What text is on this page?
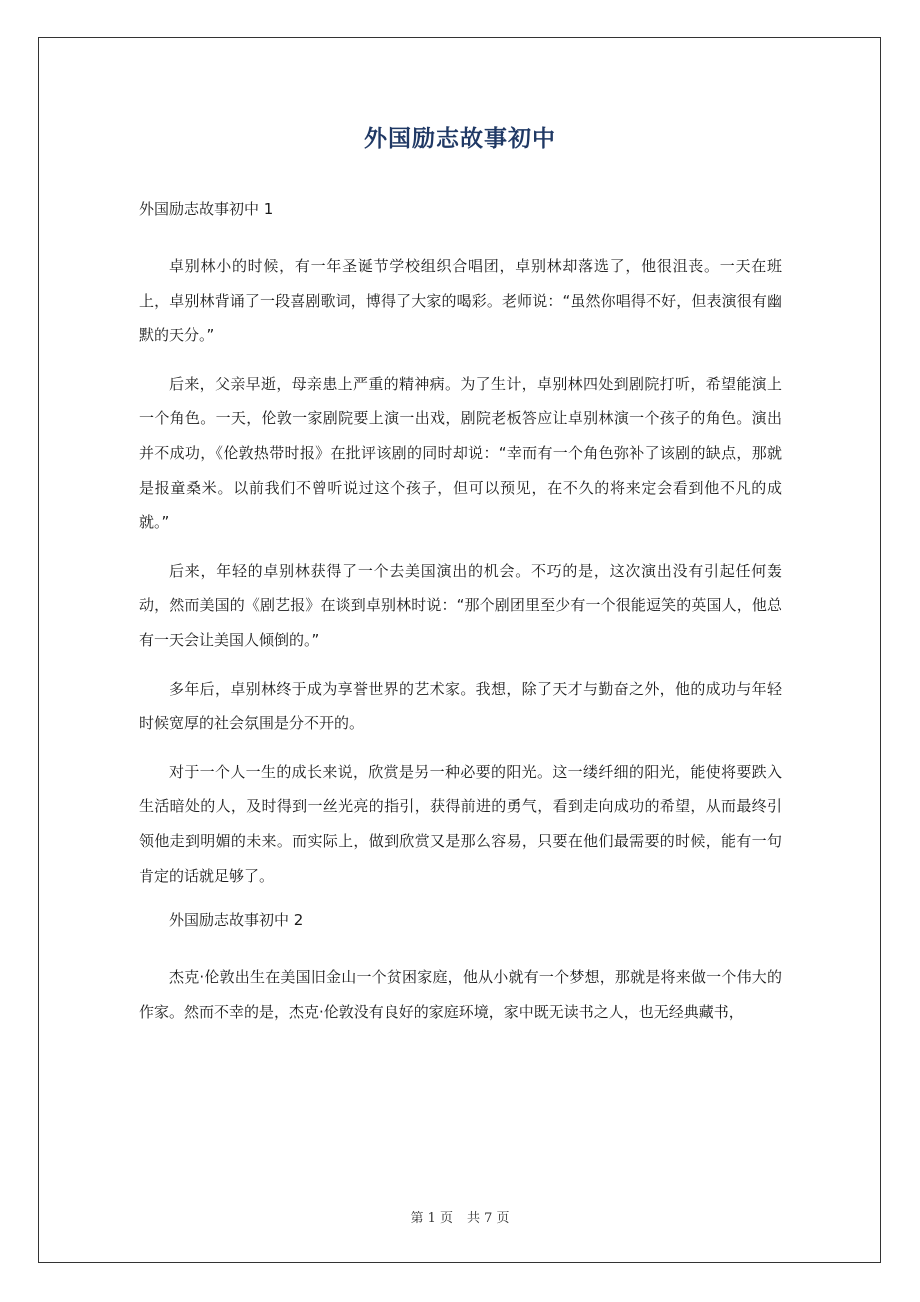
外国励志故事初中

外国励志故事初中 1

卓别林小的时候，有一年圣诞节学校组织合唱团，卓别林却落选了，他很沮丧。一天在班上，卓别林背诵了一段喜剧歌词，博得了大家的喝彩。老师说：“虽然你唱得不好，但表演很有幽默的天分。”

后来，父亲早逝，母亲患上严重的精神病。为了生计，卓别林四处到剧院打听，希望能演上一个角色。一天，伦敦一家剧院要上演一出戏，剧院老板答应让卓别林演一个孩子的角色。演出并不成功，《伦敦热带时报》在批评该剧的同时却说：“幸而有一个角色弥补了该剧的缺点，那就是报童桑米。以前我们不曾听说过这个孩子，但可以预见，在不久的将来定会看到他不凡的成就。”

后来，年轻的卓别林获得了一个去美国演出的机会。不巧的是，这次演出没有引起任何轰动，然而美国的《剧艺报》在谈到卓别林时说：“那个剧团里至少有一个很能逗笑的英国人，他总有一天会让美国人倾倒的。”

多年后，卓别林终于成为享誉世界的艺术家。我想，除了天才与勤奋之外，他的成功与年轻时候宽厚的社会氛围是分不开的。

对于一个人一生的成长来说，欣赏是另一种必要的阳光。这一缕纤细的阳光，能使将要跌入生活暗处的人，及时得到一丝光亮的指引，获得前进的勇气，看到走向成功的希望，从而最终引领他走到明媚的未来。而实际上，做到欣赏又是那么容易，只要在他们最需要的时候，能有一句肯定的话就足够了。

外国励志故事初中 2

杰克·伦敦出生在美国旧金山一个贫困家庭，他从小就有一个梦想，那就是将来做一个伟大的作家。然而不幸的是，杰克·伦敦没有良好的家庭环境，家中既无读书之人，也无经典藏书，

第 1 页 共 7 页
